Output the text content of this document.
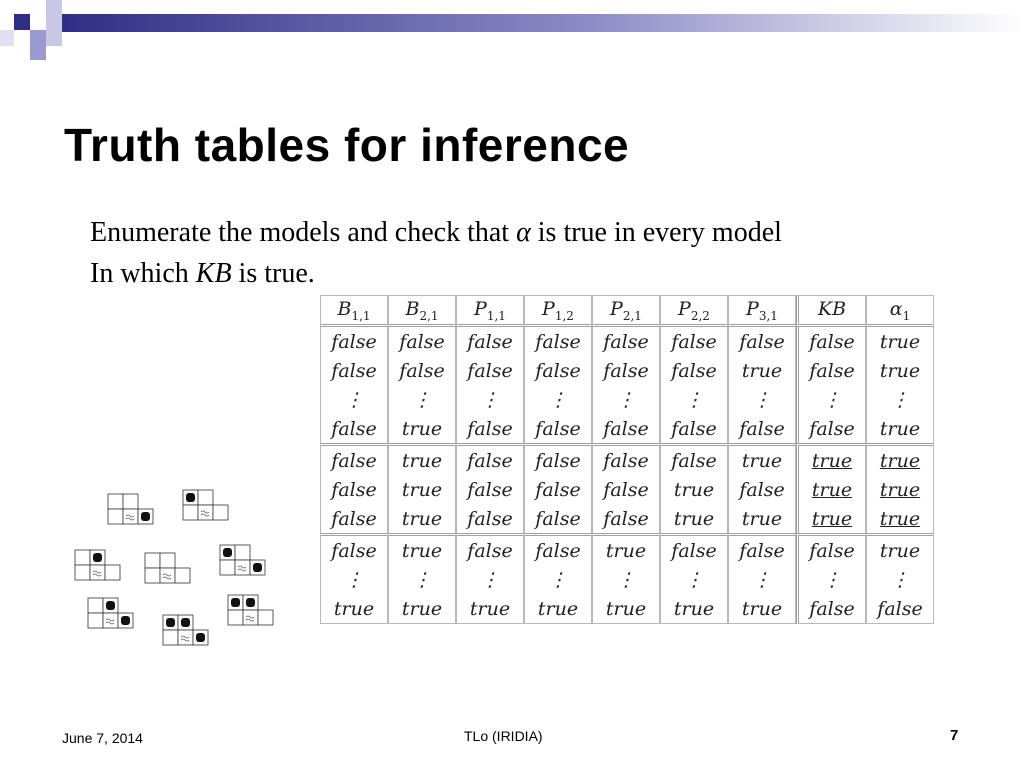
Truth tables for inference
Enumerate the models and check that α is true in every model
In which KB is true.
$B_{1,1}$	$B_{2,1}$	$P_{1,1}$	$P_{1,2}$	$P_{2,1}$	$P_{2,2}$	$P_{3,1}$	KB	$\alpha_1$
false	false	false	false	false	false	false	false	true
false	false	false	false	false	false	true	false	true
⋮	⋮	⋮	⋮	⋮	⋮	⋮	⋮	⋮
false	true	false	false	false	false	false	false	true
false	true	false	false	false	false	true	true	true
false	true	false	false	false	true	false	true	true
false	true	false	false	false	true	true	true	true
false	true	false	false	true	false	false	false	true
⋮	⋮	⋮	⋮	⋮	⋮	⋮	⋮	⋮
true	true	true	true	true	true	true	false	false
June 7, 2014	TLo (IRIDIA)	7
